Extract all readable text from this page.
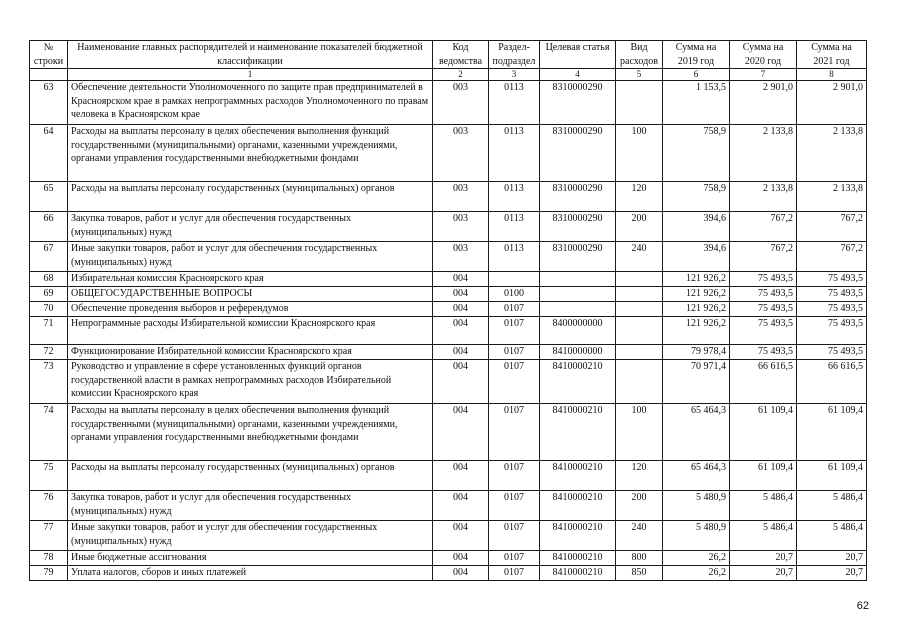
№ строки	Наименование главных распорядителей и наименование показателей бюджетной классификации	Код ведомства	Раздел-подраздел	Целевая статья	Вид расходов	Сумма на 2019 год	Сумма на 2020 год	Сумма на 2021 год
	1	2	3	4	5	6	7	8
63	Обеспечение деятельности Уполномоченного по защите прав предпринимателей в Красноярском крае в рамках непрограммных расходов Уполномоченного по правам человека в Красноярском крае	003	0113	8310000290		1 153,5	2 901,0	2 901,0
64	Расходы на выплаты персоналу в целях обеспечения выполнения функций государственными (муниципальными) органами, казенными учреждениями, органами управления государственными внебюджетными фондами	003	0113	8310000290	100	758,9	2 133,8	2 133,8
65	Расходы на выплаты персоналу государственных (муниципальных) органов	003	0113	8310000290	120	758,9	2 133,8	2 133,8
66	Закупка товаров, работ и услуг для обеспечения государственных (муниципальных) нужд	003	0113	8310000290	200	394,6	767,2	767,2
67	Иные закупки товаров, работ и услуг для обеспечения государственных (муниципальных) нужд	003	0113	8310000290	240	394,6	767,2	767,2
68	Избирательная комиссия Красноярского края	004				121 926,2	75 493,5	75 493,5
69	ОБЩЕГОСУДАРСТВЕННЫЕ ВОПРОСЫ	004	0100			121 926,2	75 493,5	75 493,5
70	Обеспечение проведения выборов и референдумов	004	0107			121 926,2	75 493,5	75 493,5
71	Непрограммные расходы Избирательной комиссии Красноярского края	004	0107	8400000000		121 926,2	75 493,5	75 493,5
72	Функционирование Избирательной комиссии Красноярского края	004	0107	8410000000		79 978,4	75 493,5	75 493,5
73	Руководство и управление в сфере установленных функций органов государственной власти в рамках непрограммных расходов Избирательной комиссии Красноярского края	004	0107	8410000210		70 971,4	66 616,5	66 616,5
74	Расходы на выплаты персоналу в целях обеспечения выполнения функций государственными (муниципальными) органами, казенными учреждениями, органами управления государственными внебюджетными фондами	004	0107	8410000210	100	65 464,3	61 109,4	61 109,4
75	Расходы на выплаты персоналу государственных (муниципальных) органов	004	0107	8410000210	120	65 464,3	61 109,4	61 109,4
76	Закупка товаров, работ и услуг для обеспечения государственных (муниципальных) нужд	004	0107	8410000210	200	5 480,9	5 486,4	5 486,4
77	Иные закупки товаров, работ и услуг для обеспечения государственных (муниципальных) нужд	004	0107	8410000210	240	5 480,9	5 486,4	5 486,4
78	Иные бюджетные ассигнования	004	0107	8410000210	800	26,2	20,7	20,7
79	Уплата налогов, сборов и иных платежей	004	0107	8410000210	850	26,2	20,7	20,7
62
